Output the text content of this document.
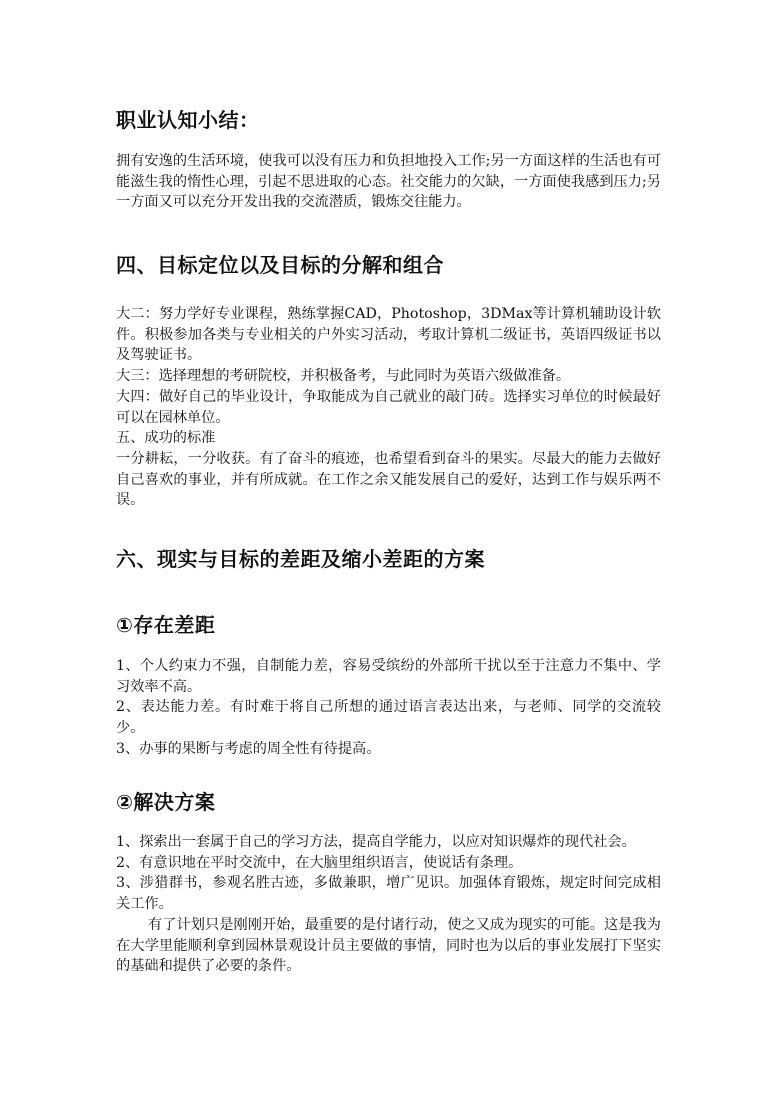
职业认知小结：

拥有安逸的生活环境，使我可以没有压力和负担地投入工作;另一方面这样的生活也有可能滋生我的惰性心理，引起不思进取的心态。社交能力的欠缺，一方面使我感到压力;另一方面又可以充分开发出我的交流潜质，锻炼交往能力。

四、目标定位以及目标的分解和组合

大二：努力学好专业课程，熟练掌握CAD，Photoshop，3DMax等计算机辅助设计软件。积极参加各类与专业相关的户外实习活动，考取计算机二级证书，英语四级证书以及驾驶证书。

大三：选择理想的考研院校，并积极备考，与此同时为英语六级做准备。

大四：做好自己的毕业设计，争取能成为自己就业的敲门砖。选择实习单位的时候最好可以在园林单位。

五、成功的标准

一分耕耘，一分收获。有了奋斗的痕迹，也希望看到奋斗的果实。尽最大的能力去做好自己喜欢的事业，并有所成就。在工作之余又能发展自己的爱好，达到工作与娱乐两不误。

六、现实与目标的差距及缩小差距的方案
①存在差距

1、个人约束力不强，自制能力差，容易受缤纷的外部所干扰以至于注意力不集中、学习效率不高。

2、表达能力差。有时难于将自己所想的通过语言表达出来，与老师、同学的交流较少。

3、办事的果断与考虑的周全性有待提高。

②解决方案

1、探索出一套属于自己的学习方法，提高自学能力，以应对知识爆炸的现代社会。

2、有意识地在平时交流中，在大脑里组织语言，使说话有条理。

3、涉猎群书，参观名胜古迹，多做兼职，增广见识。加强体育锻炼，规定时间完成相关工作。

有了计划只是刚刚开始，最重要的是付诸行动，使之又成为现实的可能。这是我为在大学里能顺利拿到园林景观设计员主要做的事情，同时也为以后的事业发展打下坚实的基础和提供了必要的条件。
